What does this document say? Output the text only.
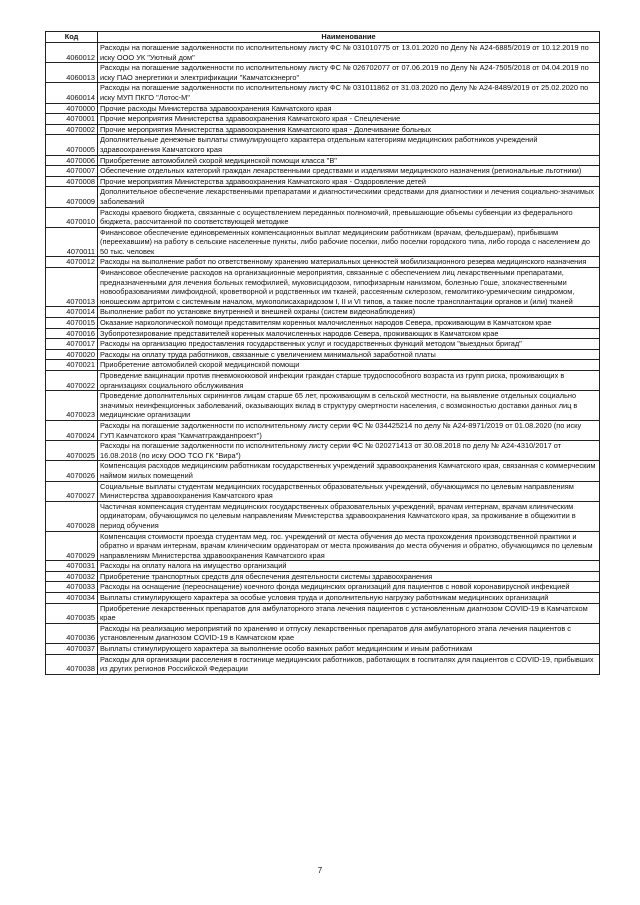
Код	Наименование
4060012	Расходы на погашение задолженности по исполнительному листу ФС № 031010775 от 13.01.2020 по Делу № А24-6885/2019 от 10.12.2019 по иску ООО УК "Уютный дом"
4060013	Расходы на погашение задолженности по исполнительному листу ФС № 026702077 от 07.06.2019 по Делу № А24-7505/2018 от 04.04.2019 по иску ПАО энергетики и электрификации "Камчатскэнерго"
4060014	Расходы на погашение задолженности по исполнительному листу ФС № 031011862 от 31.03.2020 по Делу № А24-8489/2019 от 25.02.2020 по иску МУП ПКГО "Лотос-М"
4070000	Прочие расходы Министерства здравоохранения Камчатского края
4070001	Прочие мероприятия Министерства здравоохранения Камчатского края - Спецлечение
4070002	Прочие мероприятия Министерства здравоохранения Камчатского края - Долечивание больных
4070005	Дополнительные денежные выплаты стимулирующего характера отдельным категориям медицинских работников учреждений здравоохранения Камчатского края
4070006	Приобретение автомобилей скорой медицинской помощи класса "В"
4070007	Обеспечение отдельных категорий граждан лекарственными средствами и изделиями медицинского назначения (региональные льготники)
4070008	Прочие мероприятия Министерства здравоохранения Камчатского края - Оздоровление детей
4070009	Дополнительное обеспечение лекарственными препаратами и диагностическими средствами для диагностики и лечения социально-значимых заболеваний
4070010	Расходы краевого бюджета, связанные с осуществлением переданных полномочий, превышающие объемы субвенции из федерального бюджета, рассчитанной по соответствующей методике
4070011	Финансовое обеспечение единовременных компенсационных выплат медицинским работникам (врачам, фельдшерам), прибывшим (переехавшим) на работу в сельские населенные пункты, либо рабочие поселки, либо поселки городского типа, либо города с населением до 50 тыс. человек
4070012	Расходы на выполнение работ по ответственному хранению материальных ценностей мобилизационного резерва медицинского назначения
4070013	Финансовое обеспечение расходов на организационные мероприятия, связанные с обеспечением лиц лекарственными препаратами, предназначенными для лечения больных гемофилией, муковисцидозом, гипофизарным нанизмом, болезнью Гоше, злокачественными новообразованиями лимфоидной, кроветворной и родственных им тканей, рассеянным склерозом, гемолитико-уремическим синдромом, юношеским артритом с системным началом, мукополисахаридозом I, II и VI типов, а также после трансплантации органов и (или) тканей
4070014	Выполнение работ по установке внутренней и внешней охраны (систем видеонаблюдения)
4070015	Оказание наркологической помощи представителям коренных малочисленных народов Севера, проживающим в Камчатском крае
4070016	Зубопротезирование представителей коренных малочисленных народов Севера, проживающих в Камчатском крае
4070017	Расходы на организацию предоставления государственных услуг и государственных функций методом "выездных бригад"
4070020	Расходы на оплату труда работников, связанные с увеличением минимальной заработной платы
4070021	Приобретение автомобилей скорой медицинской помощи
4070022	Проведение вакцинации против пневмококковой инфекции граждан старше трудоспособного возраста из групп риска, проживающих в организациях социального обслуживания
4070023	Проведение дополнительных скринингов лицам старше 65 лет, проживающим в сельской местности, на выявление отдельных социально значимых неинфекционных заболеваний, оказывающих вклад в структуру смертности населения, с возможностью доставки данных лиц в медицинские организации
4070024	Расходы на погашение задолженности по исполнительному листу серии ФС № 034425214 по делу № А24-8971/2019 от 01.08.2020 (по иску ГУП Камчатского края "Камчатгражданпроект")
4070025	Расходы на погашение задолженности по исполнительному листу серии ФС № 020271413 от 30.08.2018 по делу № А24-4310/2017 от 16.08.2018 (по иску ООО ТСО ГК "Вира")
4070026	Компенсация расходов медицинским работникам государственных учреждений здравоохранения Камчатского края, связанная с коммерческим наймом жилых помещений
4070027	Социальные выплаты студентам медицинских государственных образовательных учреждений, обучающимся по целевым направлениям Министерства здравоохранения Камчатского края
4070028	Частичная компенсация студентам медицинских государственных образовательных учреждений, врачам интернам, врачам клиническим ординаторам, обучающимся по целевым направлениям Министерства здравоохранения Камчатского края, за проживание в общежитии в период обучения
4070029	Компенсация стоимости проезда студентам мед. гос. учреждений от места обучения до места прохождения производственной практики и обратно и врачам интернам, врачам клиническим ординаторам от места проживания до места обучения и обратно, обучающимся по целевым направлениям Министерства здравоохранения Камчатского края
4070031	Расходы на оплату налога на имущество организаций
4070032	Приобретение транспортных средств для обеспечения деятельности системы здравоохранения
4070033	Расходы на оснащение (переоснащение) коечного фонда медицинских организаций для пациентов с новой коронавирусной инфекцией
4070034	Выплаты стимулирующего характера за особые условия труда и дополнительную нагрузку работникам медицинских организаций
4070035	Приобретение лекарственных препаратов для амбулаторного этапа лечения пациентов с установленным диагнозом COVID-19 в Камчатском крае
4070036	Расходы на реализацию мероприятий по хранению и отпуску лекарственных препаратов для амбулаторного этапа лечения пациентов с установленным диагнозом COVID-19 в Камчатском крае
4070037	Выплаты стимулирующего характера за выполнение особо важных работ медицинским и иным работникам
4070038	Расходы для организации расселения в гостинице медицинских работников, работающих в госпиталях для пациентов с COVID-19, прибывших из других регионов Российской Федерации
7
